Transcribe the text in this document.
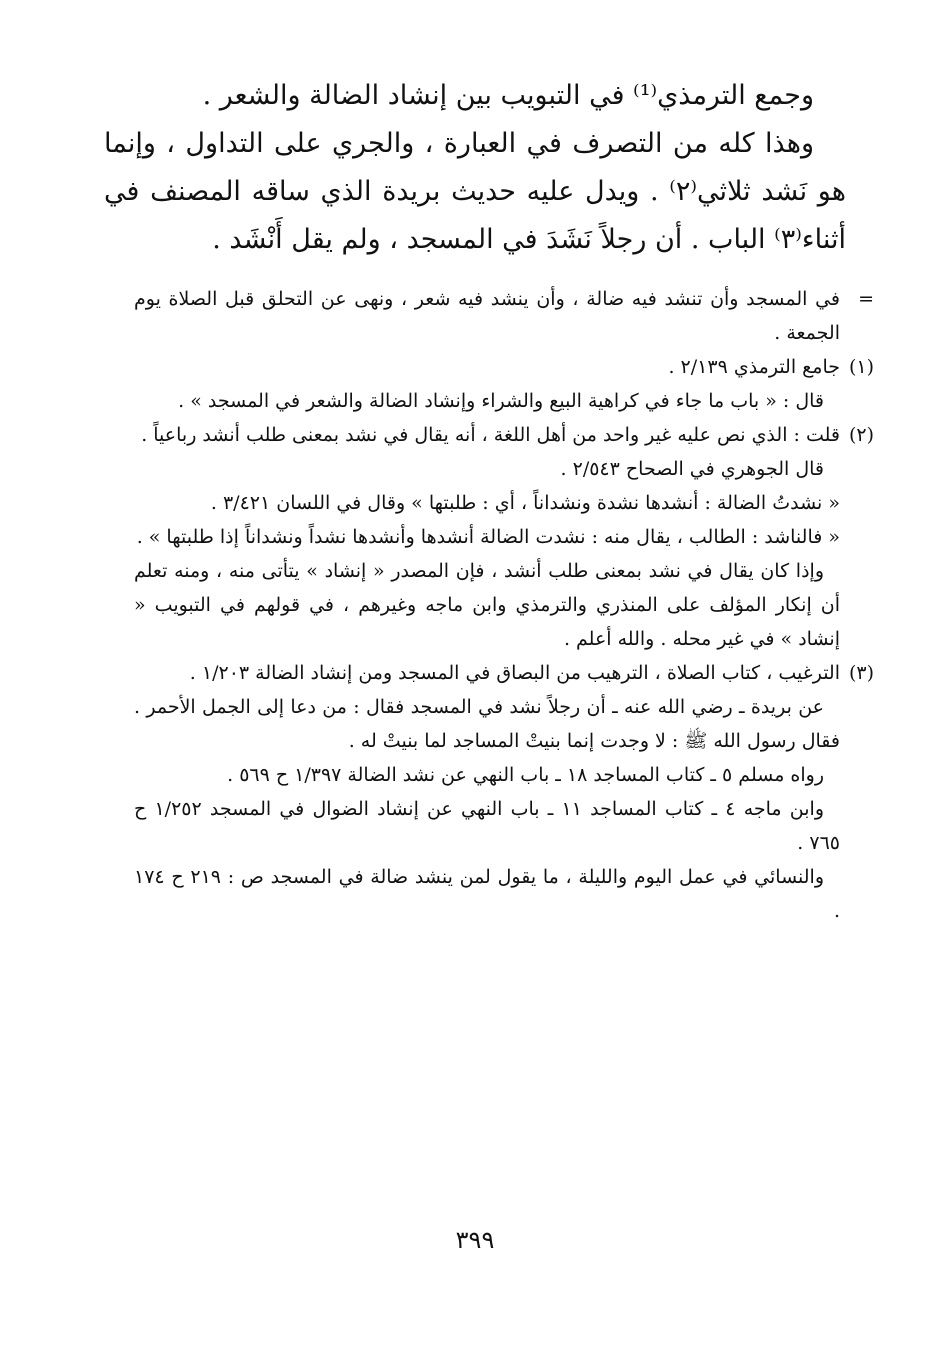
وجمع الترمذي⁽¹⁾ في التبويب بين إنشاد الضالة والشعر .

وهذا كله من التصرف في العبارة ، والجري على التداول ، وإنما هو نَشد ثلاثي⁽٢⁾ . ويدل عليه حديث بريدة الذي ساقه المصنف في أثناء⁽٣⁾ الباب . أن رجلاً نَشَدَ في المسجد ، ولم يقل أَنْشَد .

=

في المسجد وأن تنشد فيه ضالة ، وأن ينشد فيه شعر ، ونهى عن التحلق قبل الصلاة يوم الجمعة .

(١)

جامع الترمذي ٢/١٣٩ .

قال : « باب ما جاء في كراهية البيع والشراء وإنشاد الضالة والشعر في المسجد » .

(٢)

قلت : الذي نص عليه غير واحد من أهل اللغة ، أنه يقال في نشد بمعنى طلب أنشد رباعياً .

قال الجوهري في الصحاح ٢/٥٤٣ .

« نشدتُ الضالة : أنشدها نشدة ونشداناً ، أي : طلبتها » وقال في اللسان ٣/٤٢١ .

« فالناشد : الطالب ، يقال منه : نشدت الضالة أنشدها وأنشدها نشداً ونشداناً إذا طلبتها » .

وإذا كان يقال في نشد بمعنى طلب أنشد ، فإن المصدر « إنشاد » يتأتى منه ، ومنه تعلم أن إنكار المؤلف على المنذري والترمذي وابن ماجه وغيرهم ، في قولهم في التبويب « إنشاد » في غير محله . والله أعلم .

(٣)

الترغيب ، كتاب الصلاة ، الترهيب من البصاق في المسجد ومن إنشاد الضالة ١/٢٠٣ .

عن بريدة ـ رضي الله عنه ـ أن رجلاً نشد في المسجد فقال : من دعا إلى الجمل الأحمر . فقال رسول الله ﷺ : لا وجدت إنما بنيتْ المساجد لما بنيتْ له .

رواه مسلم ٥ ـ كتاب المساجد ١٨ ـ باب النهي عن نشد الضالة ١/٣٩٧ ح ٥٦٩ .

وابن ماجه ٤ ـ كتاب المساجد ١١ ـ باب النهي عن إنشاد الضوال في المسجد ١/٢٥٢ ح ٧٦٥ .

والنسائي في عمل اليوم والليلة ، ما يقول لمن ينشد ضالة في المسجد ص : ٢١٩ ح ١٧٤ .

٣٩٩
